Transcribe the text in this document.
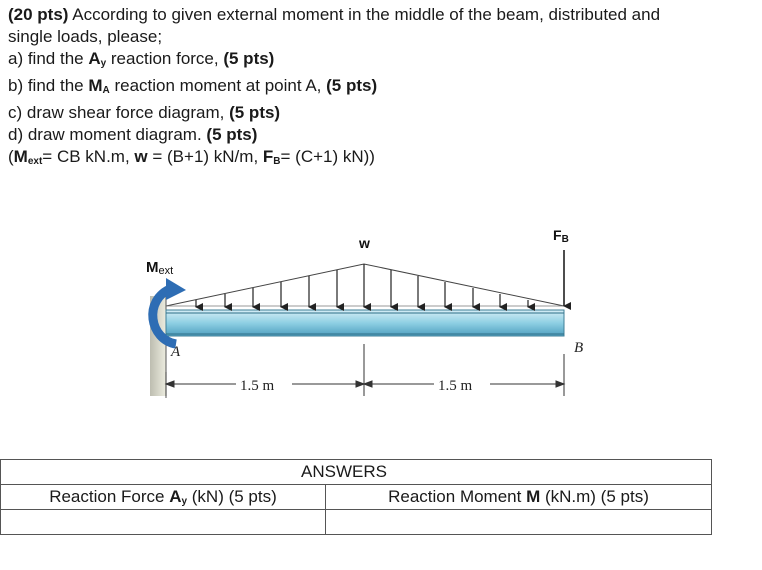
(20 pts) According to given external moment in the middle of the beam, distributed and
single loads, please;
a) find the $A_y$ reaction force, (5 pts)
b) find the $M_A$ reaction moment at point A, (5 pts)
c) draw shear force diagram, (5 pts)
d) draw moment diagram. (5 pts)
($M_{ext}=$ CB kN.m, w = (B+1) kN/m, $F_B= (C+1)$ kN))
w	FB
Mext
A	B
1.5 m	1.5 m
ANSWERS	
Reaction Force $A_y$ (kN) (5 pts)	Reaction Moment M (kN.m) (5 pts)
